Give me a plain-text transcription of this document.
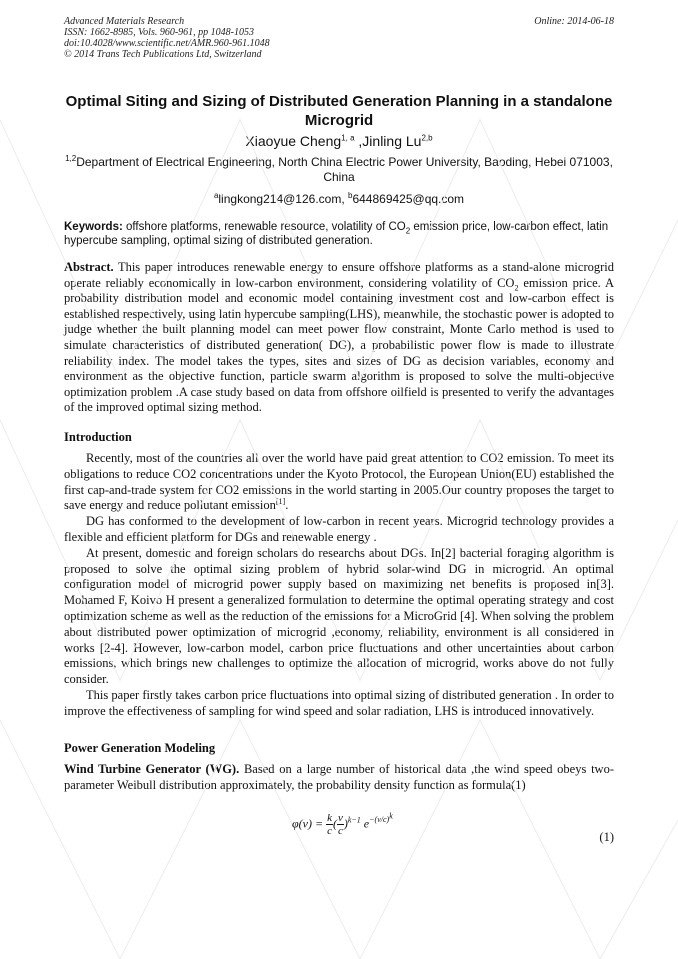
Advanced Materials Research
ISSN: 1662-8985, Vols. 960-961, pp 1048-1053
doi:10.4028/www.scientific.net/AMR.960-961.1048
© 2014 Trans Tech Publications Ltd, Switzerland
Online: 2014-06-18
Optimal Siting and Sizing of Distributed Generation Planning in a standalone Microgrid
Xiaoyue Cheng$^{1, a}$ ,Jinling Lu$^{2,b}$
$^{1,2}$Department of Electrical Engineering, North China Electric Power University, Baoding, Hebei 071003, China
$^a$lingkong214@126.com, $^b$644869425@qq.com
Keywords: offshore platforms, renewable resource, volatility of $CO_2$ emission price, low-carbon effect, latin hypercube sampling, optimal sizing of distributed generation.
Abstract. This paper introduces renewable energy to ensure offshore platforms as a stand-alone microgrid operate reliably economically in low-carbon environment, considering volatility of $CO_2$ emission price. A probability distribution model and economic model containing investment cost and low-carbon effect is established respectively, using latin hypercube sampling(LHS), meanwhile, the stochastic power is adopted to judge whether the built planning model can meet power flow constraint, Monte Carlo method is used to simulate characteristics of distributed generation( DG), a probabilistic power flow is made to illustrate reliability index. The model takes the types, sites and sizes of DG as decision variables, economy and environment as the objective function, particle swarm algorithm is proposed to solve the multi-objective optimization problem .A case study based on data from offshore oilfield is presented to verify the advantages of the improved optimal sizing method.
Introduction

Recently, most of the countries all over the world have paid great attention to CO2 emission. To meet its obligations to reduce CO2 concentrations under the Kyoto Protocol, the European Union(EU) established the first cap-and-trade system for CO2 emissions in the world starting in 2005.Our country proposes the target to save energy and reduce pollutant emission[1].

DG has conformed to the development of low-carbon in recent years. Microgrid technology provides a flexible and efficient platform for DGs and renewable energy .

At present, domestic and foreign scholars do researchs about DGs. In[2] bacterial foraging algorithm is proposed to solve the optimal sizing problem of hybrid solar-wind DG in microgrid. An optimal configuration model of microgrid power supply based on maximizing net benefits is proposed in[3]. Mohamed F, Koivo H present a generalized formulation to determine the optimal operating strategy and cost optimization scheme as well as the reduction of the emissions for a MicroGrid [4]. When solving the problem about distributed power optimization of microgrid ,economy, reliability, environment is all considered in works [2-4]. However, low-carbon model, carbon price fluctuations and other uncertainties about carbon emissions, which brings new challenges to optimize the allocation of microgrid, works above do not fully consider.

This paper firstly takes carbon price fluctuations into optimal sizing of distributed generation . In order to improve the effectiveness of sampling for wind speed and solar radiation, LHS is introduced innovatively.

Power Generation Modeling

Wind Turbine Generator (WG). Based on a large number of historical data ,the wind speed obeys two-parameter Weibull distribution approximately, the probability density function as formula(1)

$\varphi(v) = \frac{k}{c}$ ( $\frac{v}{c} )^{k-1}$ $e^{-(v/c)^k}$
(1)
